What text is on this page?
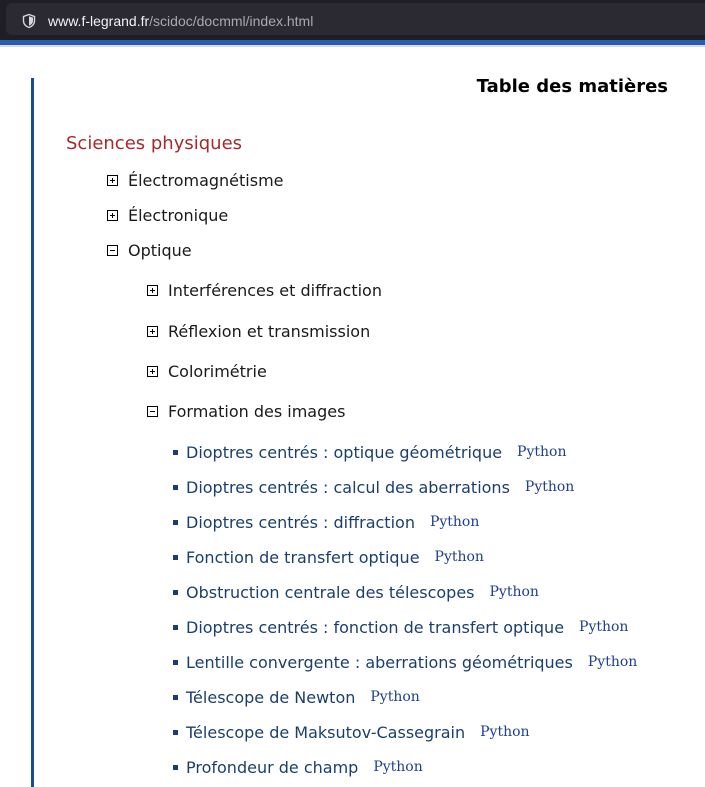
www.f-legrand.fr/scidoc/docmml/index.html
Table des matières
Sciences physiques
Électromagnétisme
Électronique
Optique
Interférences et diffraction
Réflexion et transmission
Colorimétrie
Formation des images
Dioptres centrés : optique géométrique Python
Dioptres centrés : calcul des aberrations Python
Dioptres centrés : diffraction Python
Fonction de transfert optique Python
Obstruction centrale des télescopes Python
Dioptres centrés : fonction de transfert optique Python
Lentille convergente : aberrations géométriques Python
Télescope de Newton Python
Télescope de Maksutov-Cassegrain Python
Profondeur de champ Python
